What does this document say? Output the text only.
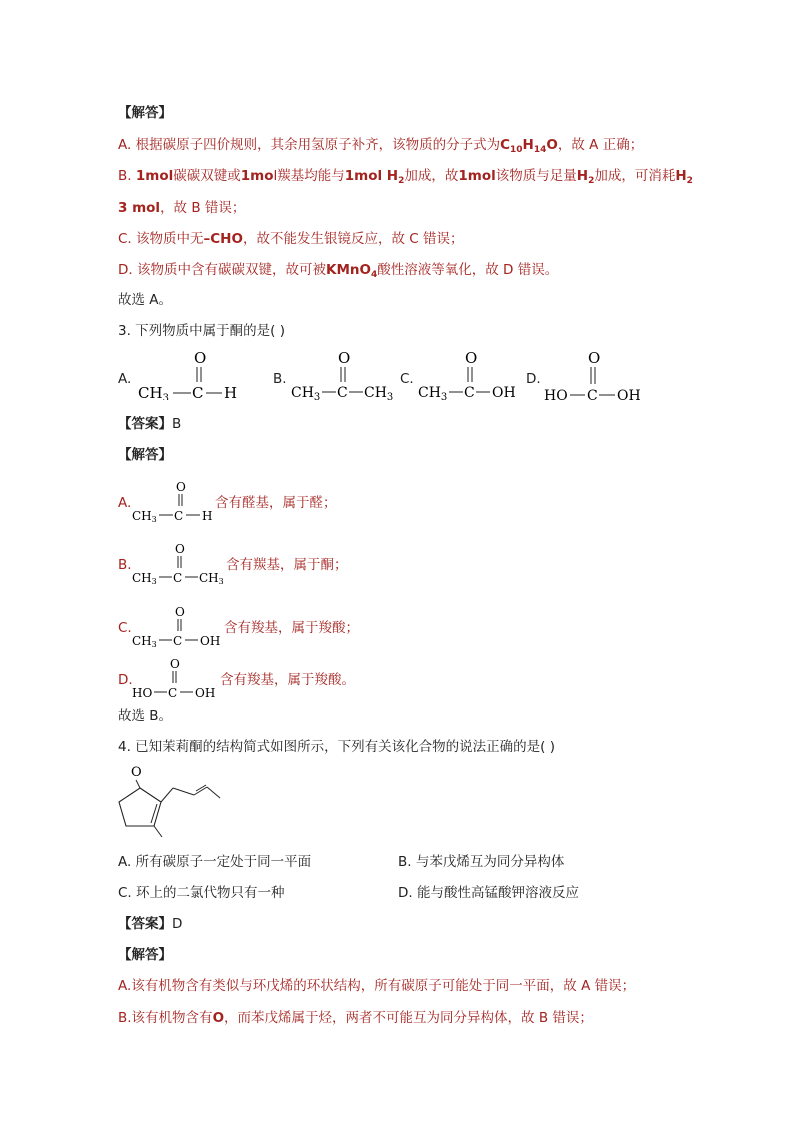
【解答】
A. 根据碳原子四价规则，其余用氢原子补齐，该物质的分子式为$C_{10}H_{14}O$，故 A 正确；
B. 1mol碳碳双键或1mol羰基均能与1mol $H_2$加成，故1mol该物质与足量$H_2$加成，可消耗$H_2$
3 mol，故 B 错误；
C. 该物质中无–CHO，故不能发生银镜反应，故 C 错误；
D. 该物质中含有碳碳双键，故可被KMnO$_4$酸性溶液等氧化，故 D 错误。
故选 A。
3. 下列物质中属于酮的是( )
A.
O
$CH_3$ C H
B.
O
$CH_3$ C $CH_3$
C.
O
$CH_3$ C OH
D.
O
HO C OH
【答案】B
【解答】
A.
O
CH3 C H
含有醛基，属于醛；
B.
O
CH3 C CH3
含有羰基，属于酮；
C.
O
CH3 C OH
含有羧基，属于羧酸；
D.
O
HO C OH
含有羧基，属于羧酸。
故选 B。
4. 已知茉莉酮的结构简式如图所示，下列有关该化合物的说法正确的是( )
O
A. 所有碳原子一定处于同一平面	B. 与苯戊烯互为同分异构体
C. 环上的二氯代物只有一种	D. 能与酸性高锰酸钾溶液反应
【答案】D
【解答】
A.该有机物含有类似与环戊烯的环状结构，所有碳原子可能处于同一平面，故 A 错误；
B.该有机物含有O，而苯戊烯属于烃，两者不可能互为同分异构体，故 B 错误；
